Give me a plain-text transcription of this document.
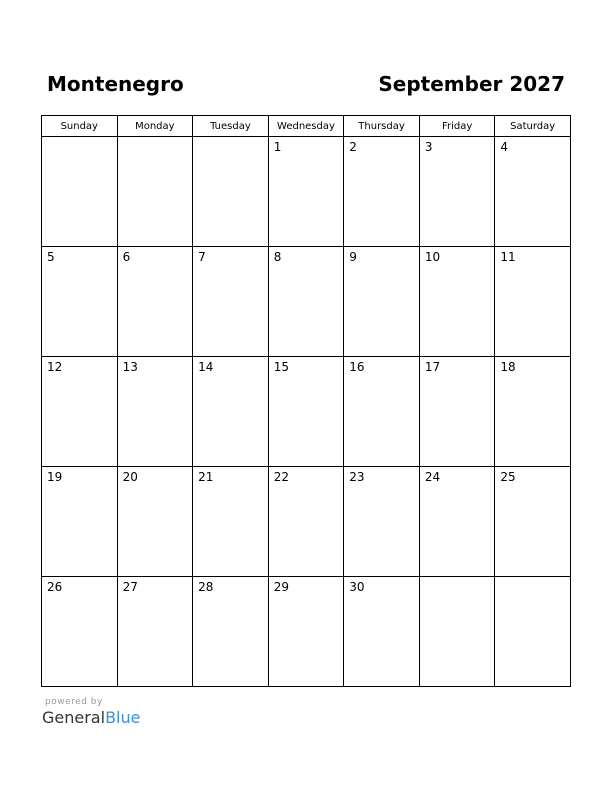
Montenegro	September 2027
Sunday	Monday	Tuesday	Wednesday	Thursday	Friday	Saturday

			1	2	3	4

5	6	7	8	9	10	11

12	13	14	15	16	17	18

19	20	21	22	23	24	25

26	27	28	29	30		

powered by
GeneralBlue
